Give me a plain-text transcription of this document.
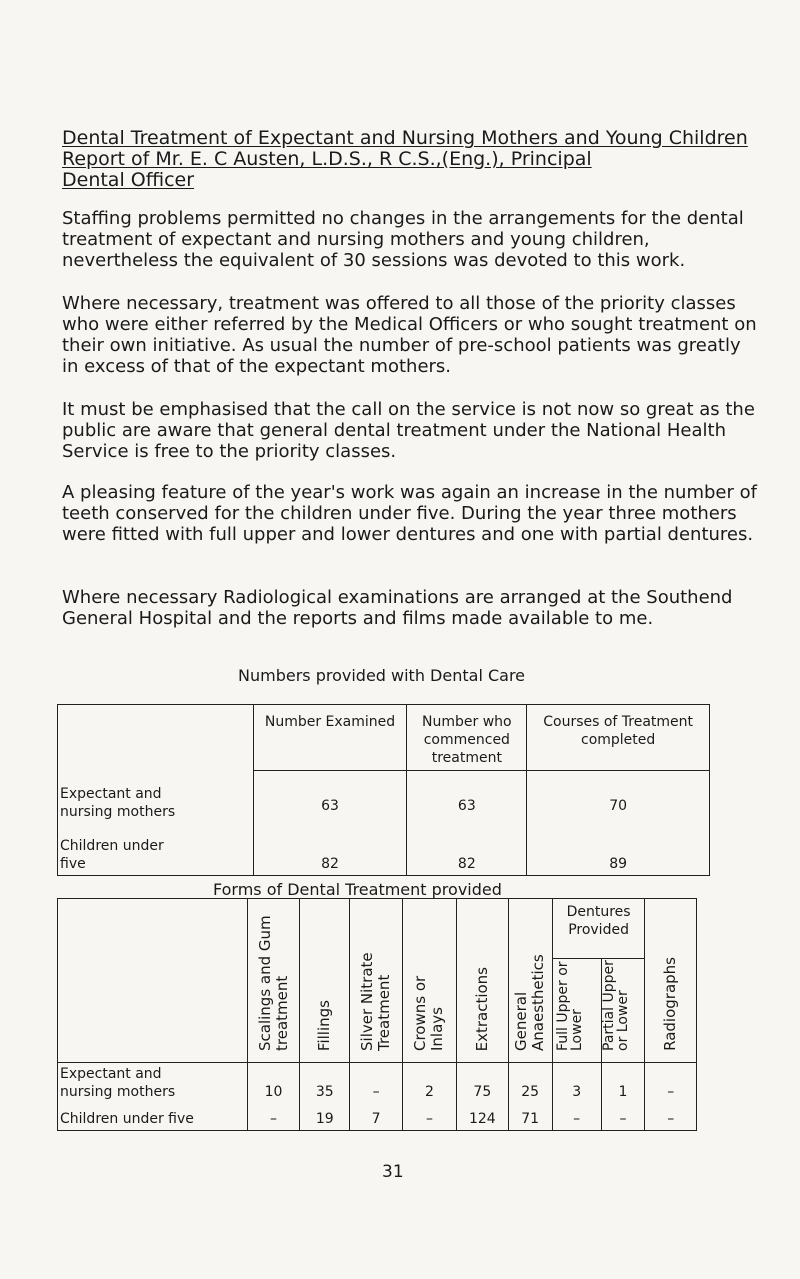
Dental Treatment of Expectant and Nursing Mothers and Young Children
Report of Mr. E. C Austen, L.D.S., R C.S.,(Eng.), Principal
Dental Officer

Staffing problems permitted no changes in the arrangements for the dental treatment of expectant and nursing mothers and young children, nevertheless the equivalent of 30 sessions was devoted to this work.

Where necessary, treatment was offered to all those of the priority classes who were either referred by the Medical Officers or who sought treatment on their own initiative. As usual the number of pre-school patients was greatly in excess of that of the expectant mothers.

It must be emphasised that the call on the service is not now so great as the public are aware that general dental treatment under the National Health Service is free to the priority classes.

A pleasing feature of the year's work was again an increase in the number of teeth conserved for the children under five. During the year three mothers were fitted with full upper and lower dentures and one with partial dentures.

Where necessary Radiological examinations are arranged at the Southend General Hospital and the reports and films made available to me.

Numbers provided with Dental Care
	Number Examined	Number who commenced treatment	Courses of Treatment completed

Expectant and
nursing mothers	63	63	70

Children under
five	82	82	89
Forms of Dental Treatment provided
	Scalings and Gum treatment	Fillings	Silver Nitrate Treatment	Crowns or Inlays	Extractions	General Anaesthetics	Dentures Provided		Radiographs
							Full Upper or Lower	Partial Upper or Lower	

Expectant and
nursing mothers	10	35	–	2	75	25	3	1	–
Children under five	–	19	7	–	124	71	–	–	–
31
